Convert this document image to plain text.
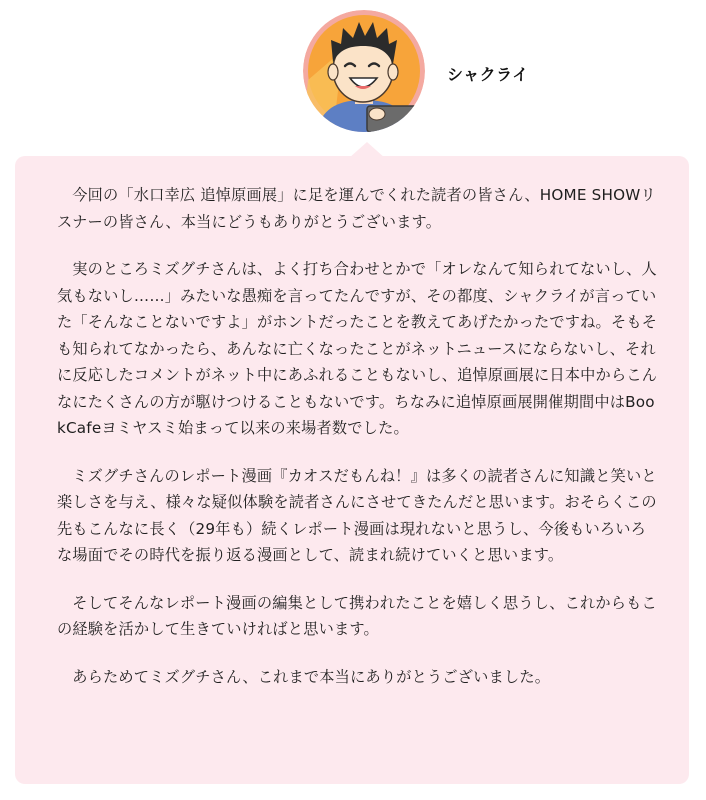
シャクライ

今回の「水口幸広 追悼原画展」に足を運んでくれた読者の皆さん、HOME SHOWリスナーの皆さん、本当にどうもありがとうございます。

実のところミズグチさんは、よく打ち合わせとかで「オレなんて知られてないし、人気もないし……」みたいな愚痴を言ってたんですが、その都度、シャクライが言っていた「そんなことないですよ」がホントだったことを教えてあげたかったですね。そもそも知られてなかったら、あんなに亡くなったことがネットニュースにならないし、それに反応したコメントがネット中にあふれることもないし、追悼原画展に日本中からこんなにたくさんの方が駆けつけることもないです。ちなみに追悼原画展開催期間中はBookCafeヨミヤスミ始まって以来の来場者数でした。

ミズグチさんのレポート漫画『カオスだもんね！』は多くの読者さんに知識と笑いと楽しさを与え、様々な疑似体験を読者さんにさせてきたんだと思います。おそらくこの先もこんなに長く（29年も）続くレポート漫画は現れないと思うし、今後もいろいろな場面でその時代を振り返る漫画として、読まれ続けていくと思います。

そしてそんなレポート漫画の編集として携われたことを嬉しく思うし、これからもこの経験を活かして生きていければと思います。

あらためてミズグチさん、これまで本当にありがとうございました。
